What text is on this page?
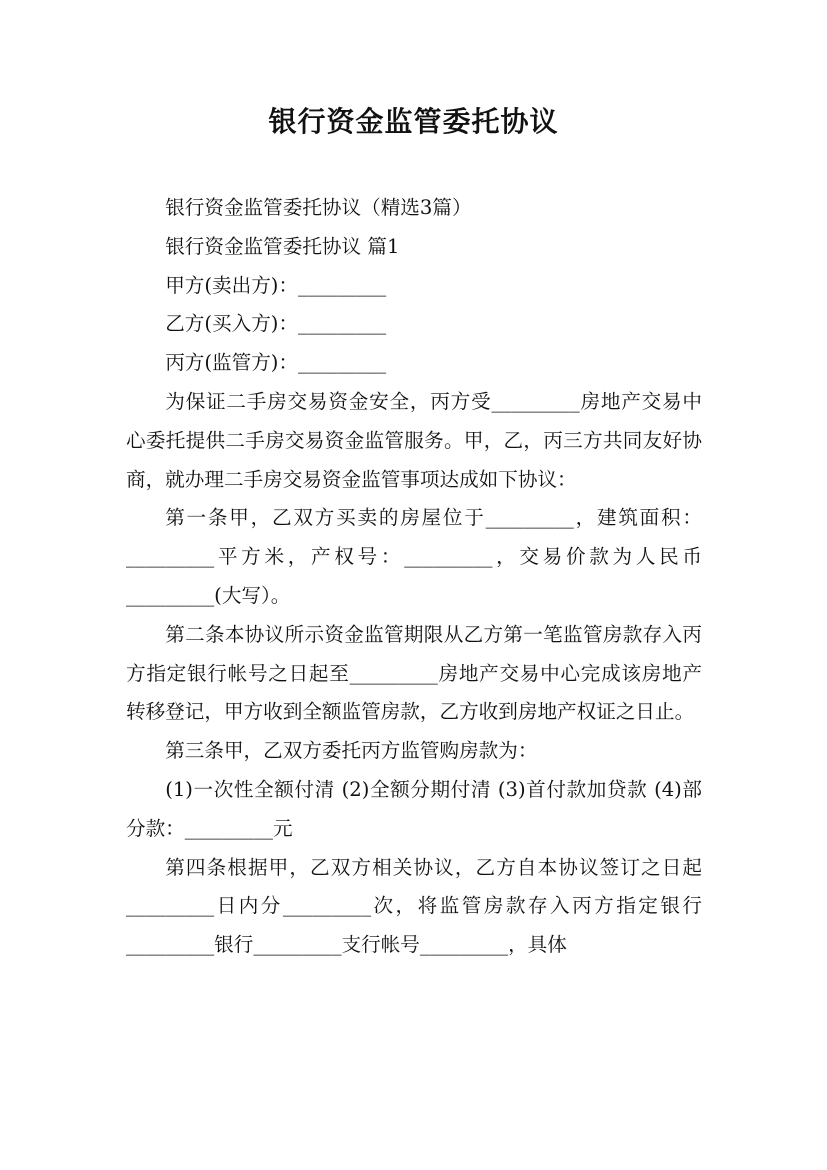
银行资金监管委托协议

银行资金监管委托协议（精选3篇）

银行资金监管委托协议 篇1

甲方(卖出方)：_________

乙方(买入方)：_________

丙方(监管方)：_________

为保证二手房交易资金安全，丙方受_________房地产交易中心委托提供二手房交易资金监管服务。甲，乙，丙三方共同友好协商，就办理二手房交易资金监管事项达成如下协议：

第一条甲，乙双方买卖的房屋位于_________，建筑面积：_________平方米，产权号：_________，交易价款为人民币_________(大写）。

第二条本协议所示资金监管期限从乙方第一笔监管房款存入丙方指定银行帐号之日起至_________房地产交易中心完成该房地产转移登记，甲方收到全额监管房款，乙方收到房地产权证之日止。

第三条甲，乙双方委托丙方监管购房款为：

(1)一次性全额付清 (2)全额分期付清 (3)首付款加贷款 (4)部分款：_________元

第四条根据甲，乙双方相关协议，乙方自本协议签订之日起_________日内分_________次，将监管房款存入丙方指定银行_________银行_________支行帐号_________，具体
